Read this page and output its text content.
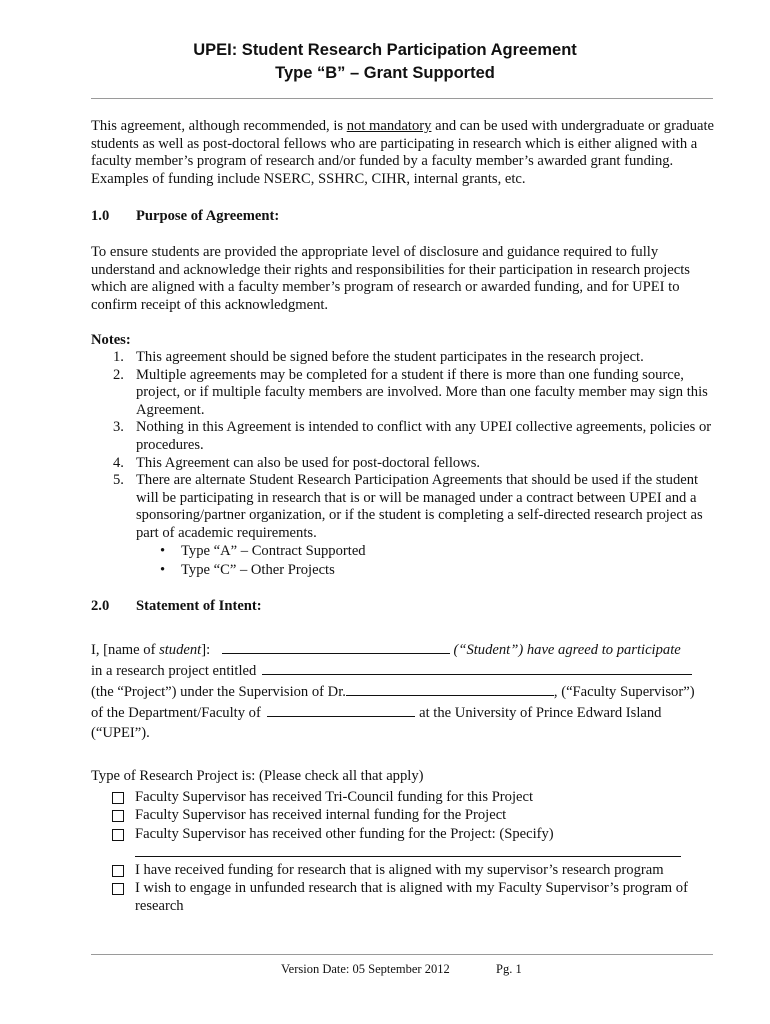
UPEI: Student Research Participation Agreement
Type “B” – Grant Supported

This agreement, although recommended, is not mandatory and can be used with undergraduate or graduate students as well as post-doctoral fellows who are participating in research which is either aligned with a faculty member’s program of research and/or funded by a faculty member’s awarded grant funding. Examples of funding include NSERC, SSHRC, CIHR, internal grants, etc.

1.0 Purpose of Agreement:

To ensure students are provided the appropriate level of disclosure and guidance required to fully understand and acknowledge their rights and responsibilities for their participation in research projects which are aligned with a faculty member’s program of research or awarded funding, and for UPEI to confirm receipt of this acknowledgment.

Notes:
1. This agreement should be signed before the student participates in the research project.
2. Multiple agreements may be completed for a student if there is more than one funding source, project, or if multiple faculty members are involved. More than one faculty member may sign this Agreement.
3. Nothing in this Agreement is intended to conflict with any UPEI collective agreements, policies or procedures.
4. This Agreement can also be used for post-doctoral fellows.
5. There are alternate Student Research Participation Agreements that should be used if the student will be participating in research that is or will be managed under a contract between UPEI and a sponsoring/partner organization, or if the student is completing a self-directed research project as part of academic requirements.
•	Type “A” – Contract Supported
•	Type “C” – Other Projects
2.0 Statement of Intent:
I, [name of student]:	(“Student”) have agreed to participate
in a research project entitled
(the “Project”) under the Supervision of Dr.	, (“Faculty Supervisor”)
of the Department/Faculty of	at the University of Prince Edward Island
(“UPEI”).
Type of Research Project is: (Please check all that apply)
Faculty Supervisor has received Tri-Council funding for this Project
Faculty Supervisor has received internal funding for the Project
Faculty Supervisor has received other funding for the Project: (Specify)
I have received funding for research that is aligned with my supervisor’s research program
I wish to engage in unfunded research that is aligned with my Faculty Supervisor’s program of research
Version Date: 05 September 2012	Pg. 1
